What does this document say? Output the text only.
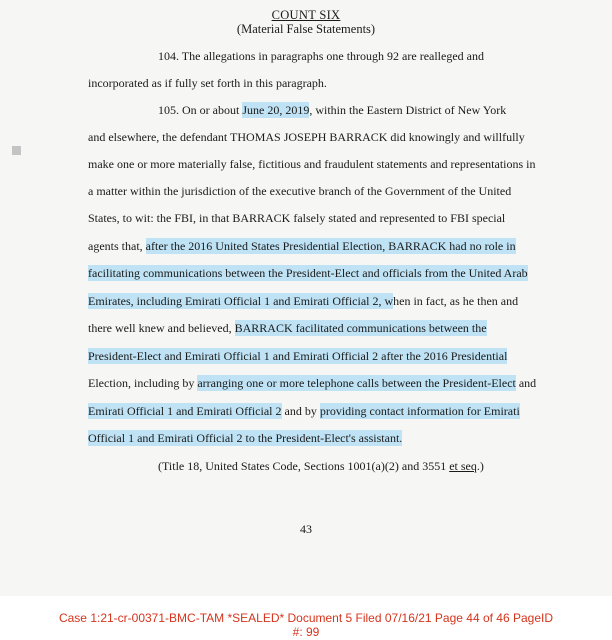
COUNT SIX
(Material False Statements)
104. The allegations in paragraphs one through 92 are realleged and
incorporated as if fully set forth in this paragraph.
105. On or about June 20, 2019, within the Eastern District of New York
and elsewhere, the defendant THOMAS JOSEPH BARRACK did knowingly and willfully
make one or more materially false, fictitious and fraudulent statements and representations in
a matter within the jurisdiction of the executive branch of the Government of the United
States, to wit: the FBI, in that BARRACK falsely stated and represented to FBI special
agents that, after the 2016 United States Presidential Election, BARRACK had no role in
facilitating communications between the President-Elect and officials from the United Arab
Emirates, including Emirati Official 1 and Emirati Official 2, when in fact, as he then and
there well knew and believed, BARRACK facilitated communications between the
President-Elect and Emirati Official 1 and Emirati Official 2 after the 2016 Presidential
Election, including by arranging one or more telephone calls between the President-Elect and
Emirati Official 1 and Emirati Official 2 and by providing contact information for Emirati
Official 1 and Emirati Official 2 to the President-Elect's assistant.
(Title 18, United States Code, Sections 1001(a)(2) and 3551 et seq.)
43
Case 1:21-cr-00371-BMC-TAM *SEALED* Document 5 Filed 07/16/21 Page 44 of 46 PageID
#: 99
